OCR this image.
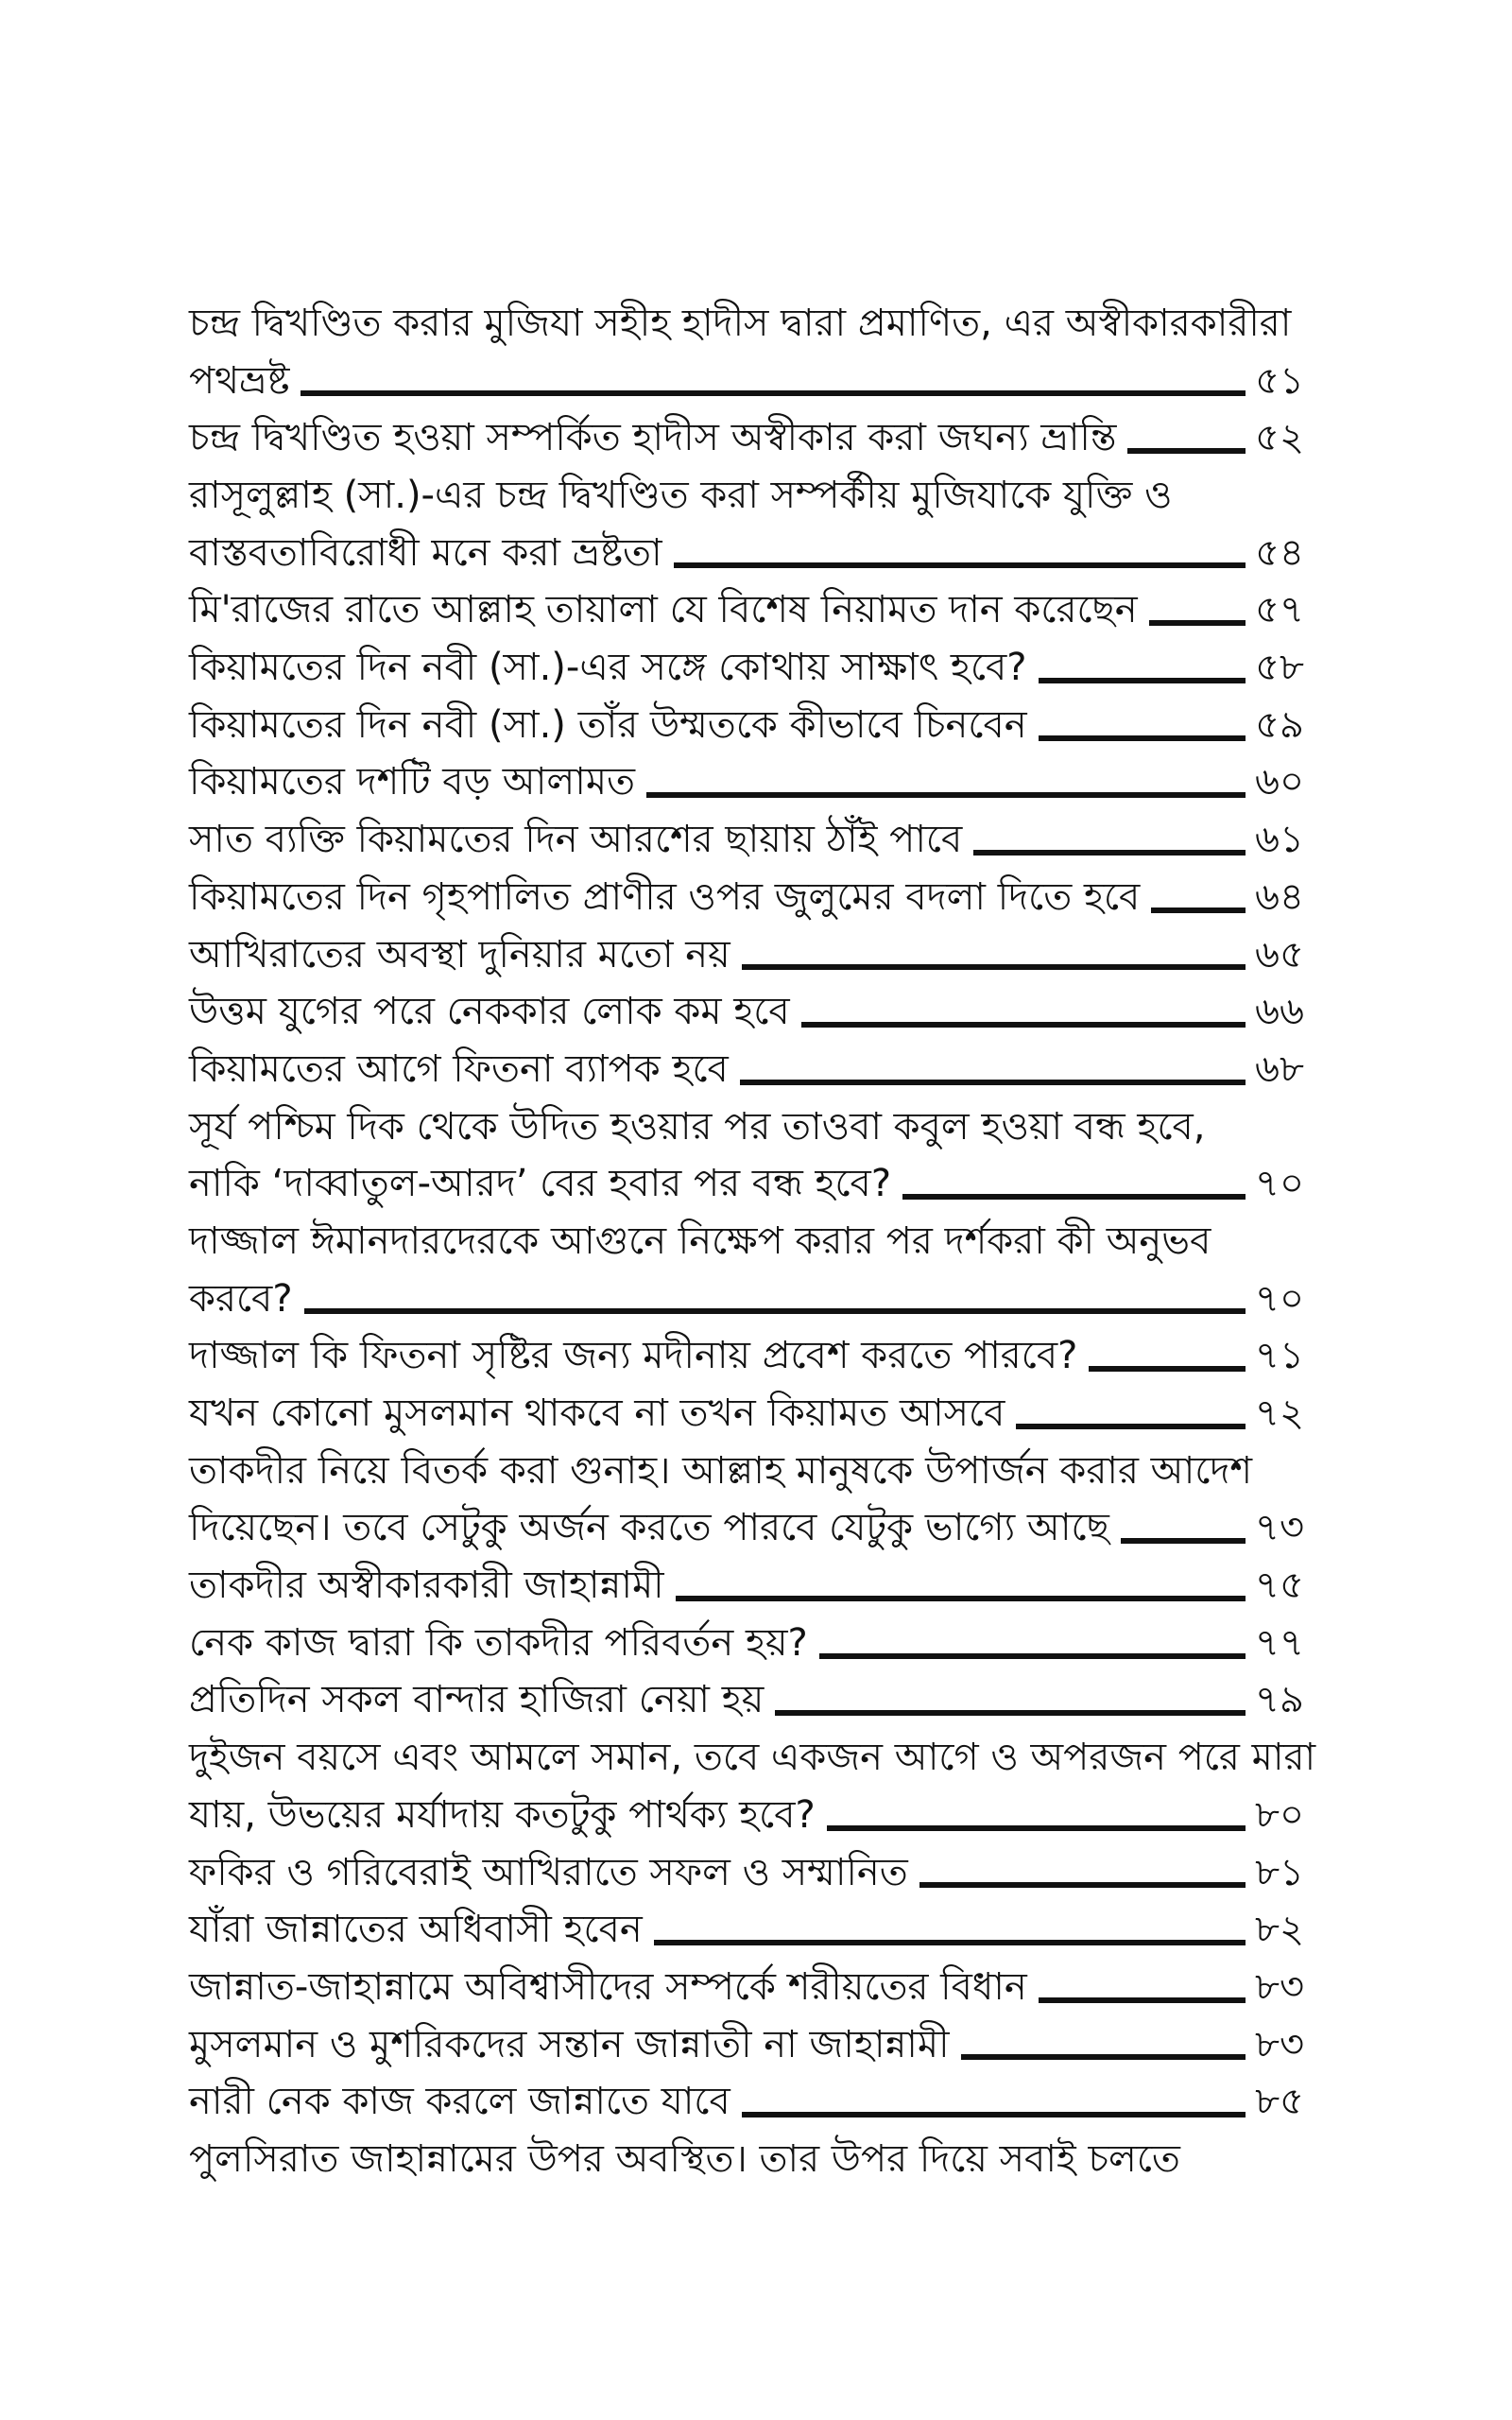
চন্দ্র দ্বিখণ্ডিত করার মুজিযা সহীহ হাদীস দ্বারা প্রমাণিত, এর অস্বীকারকারীরা
পথভ্রষ্ট	৫১
চন্দ্র দ্বিখণ্ডিত হওয়া সম্পর্কিত হাদীস অস্বীকার করা জঘন্য ভ্রান্তি	৫২
রাসূলুল্লাহ (সা.)-এর চন্দ্র দ্বিখণ্ডিত করা সম্পর্কীয় মুজিযাকে যুক্তি ও
বাস্তবতাবিরোধী মনে করা ভ্রষ্টতা	৫৪
মি'রাজের রাতে আল্লাহ তায়ালা যে বিশেষ নিয়ামত দান করেছেন	৫৭
কিয়ামতের দিন নবী (সা.)-এর সঙ্গে কোথায় সাক্ষাৎ হবে?	৫৮
কিয়ামতের দিন নবী (সা.) তাঁর উম্মতকে কীভাবে চিনবেন	৫৯
কিয়ামতের দশটি বড় আলামত	৬০
সাত ব্যক্তি কিয়ামতের দিন আরশের ছায়ায় ঠাঁই পাবে	৬১
কিয়ামতের দিন গৃহপালিত প্রাণীর ওপর জুলুমের বদলা দিতে হবে	৬৪
আখিরাতের অবস্থা দুনিয়ার মতো নয়	৬৫
উত্তম যুগের পরে নেককার লোক কম হবে	৬৬
কিয়ামতের আগে ফিতনা ব্যাপক হবে	৬৮
সূর্য পশ্চিম দিক থেকে উদিত হওয়ার পর তাওবা কবুল হওয়া বন্ধ হবে,
নাকি ‘দাব্বাতুল-আরদ’ বের হবার পর বন্ধ হবে?	৭০
দাজ্জাল ঈমানদারদেরকে আগুনে নিক্ষেপ করার পর দর্শকরা কী অনুভব
করবে?	৭০
দাজ্জাল কি ফিতনা সৃষ্টির জন্য মদীনায় প্রবেশ করতে পারবে?	৭১
যখন কোনো মুসলমান থাকবে না তখন কিয়ামত আসবে	৭২
তাকদীর নিয়ে বিতর্ক করা গুনাহ। আল্লাহ মানুষকে উপার্জন করার আদেশ
দিয়েছেন। তবে সেটুকু অর্জন করতে পারবে যেটুকু ভাগ্যে আছে	৭৩
তাকদীর অস্বীকারকারী জাহান্নামী	৭৫
নেক কাজ দ্বারা কি তাকদীর পরিবর্তন হয়?	৭৭
প্রতিদিন সকল বান্দার হাজিরা নেয়া হয়	৭৯
দুইজন বয়সে এবং আমলে সমান, তবে একজন আগে ও অপরজন পরে মারা
যায়, উভয়ের মর্যাদায় কতটুকু পার্থক্য হবে?	৮০
ফকির ও গরিবেরাই আখিরাতে সফল ও সম্মানিত	৮১
যাঁরা জান্নাতের অধিবাসী হবেন	৮২
জান্নাত-জাহান্নামে অবিশ্বাসীদের সম্পর্কে শরীয়তের বিধান	৮৩
মুসলমান ও মুশরিকদের সন্তান জান্নাতী না জাহান্নামী	৮৩
নারী নেক কাজ করলে জান্নাতে যাবে	৮৫
পুলসিরাত জাহান্নামের উপর অবস্থিত। তার উপর দিয়ে সবাই চলতে
